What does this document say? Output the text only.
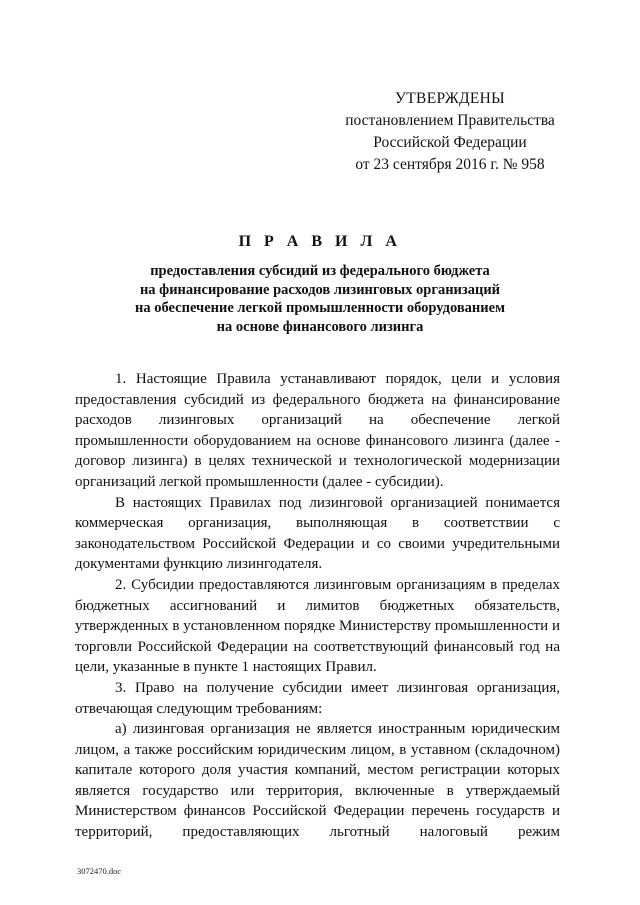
УТВЕРЖДЕНЫ
постановлением Правительства
Российской Федерации
от 23 сентября 2016 г. № 958
П Р А В И Л А
предоставления субсидий из федерального бюджета
на финансирование расходов лизинговых организаций
на обеспечение легкой промышленности оборудованием
на основе финансового лизинга

1. Настоящие Правила устанавливают порядок, цели и условия предоставления субсидий из федерального бюджета на финансирование расходов лизинговых организаций на обеспечение легкой промышленности оборудованием на основе финансового лизинга (далее - договор лизинга) в целях технической и технологической модернизации организаций легкой промышленности (далее - субсидии).

В настоящих Правилах под лизинговой организацией понимается коммерческая организация, выполняющая в соответствии с законодательством Российской Федерации и со своими учредительными документами функцию лизингодателя.

2. Субсидии предоставляются лизинговым организациям в пределах бюджетных ассигнований и лимитов бюджетных обязательств, утвержденных в установленном порядке Министерству промышленности и торговли Российской Федерации на соответствующий финансовый год на цели, указанные в пункте 1 настоящих Правил.

3. Право на получение субсидии имеет лизинговая организация, отвечающая следующим требованиям:

а) лизинговая организация не является иностранным юридическим лицом, а также российским юридическим лицом, в уставном (складочном) капитале которого доля участия компаний, местом регистрации которых является государство или территория, включенные в утверждаемый Министерством финансов Российской Федерации перечень государств и территорий, предоставляющих льготный налоговый режим

3072470.doc
